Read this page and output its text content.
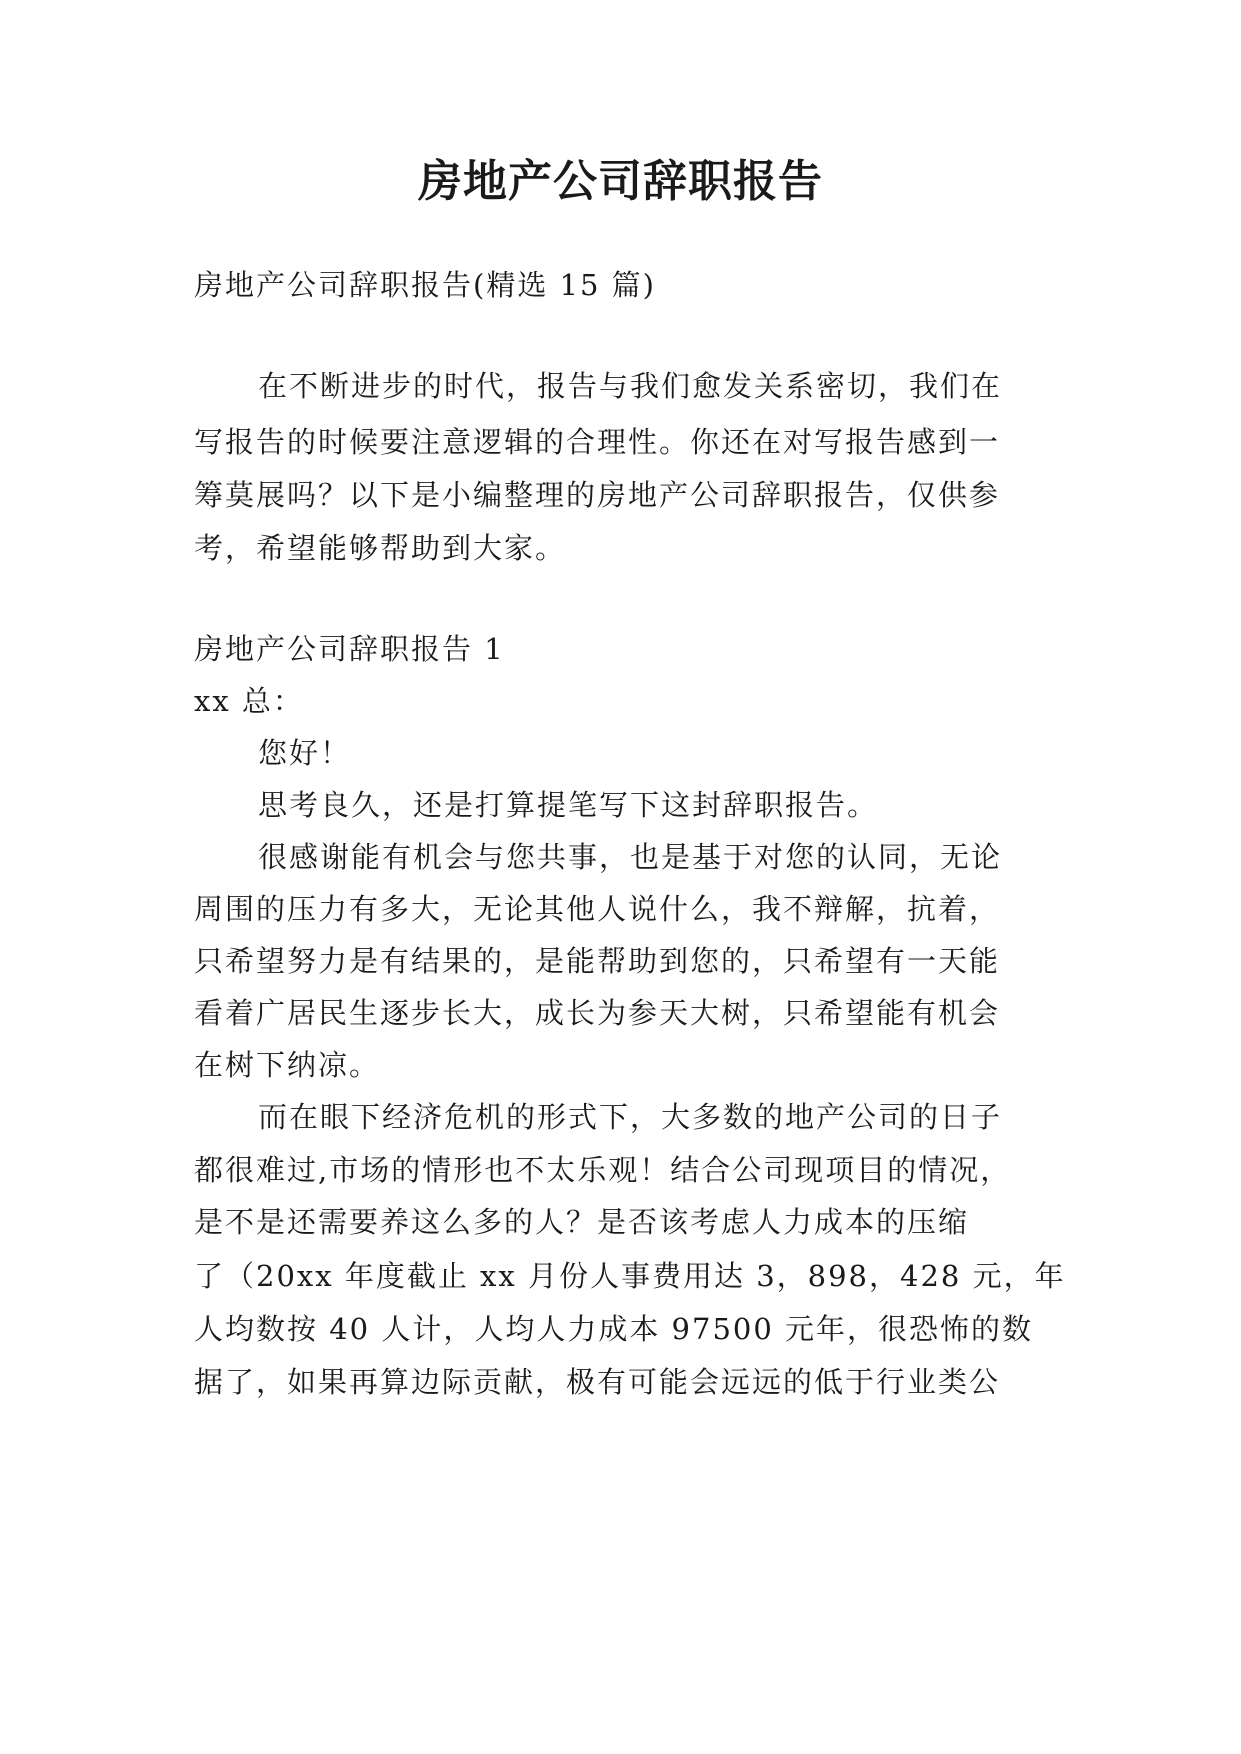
房地产公司辞职报告
房地产公司辞职报告(精选 15 篇)
在不断进步的时代，报告与我们愈发关系密切，我们在
写报告的时候要注意逻辑的合理性。你还在对写报告感到一
筹莫展吗？以下是小编整理的房地产公司辞职报告，仅供参
考，希望能够帮助到大家。
房地产公司辞职报告 1
xx 总：
您好！
思考良久，还是打算提笔写下这封辞职报告。
很感谢能有机会与您共事，也是基于对您的认同，无论
周围的压力有多大，无论其他人说什么，我不辩解，抗着，
只希望努力是有结果的，是能帮助到您的，只希望有一天能
看着广居民生逐步长大，成长为参天大树，只希望能有机会
在树下纳凉。
而在眼下经济危机的形式下，大多数的地产公司的日子
都很难过,市场的情形也不太乐观！结合公司现项目的情况，
是不是还需要养这么多的人？是否该考虑人力成本的压缩
了（20xx 年度截止 xx 月份人事费用达 3，898，428 元，年
人均数按 40 人计，人均人力成本 97500 元年，很恐怖的数
据了，如果再算边际贡献，极有可能会远远的低于行业类公
